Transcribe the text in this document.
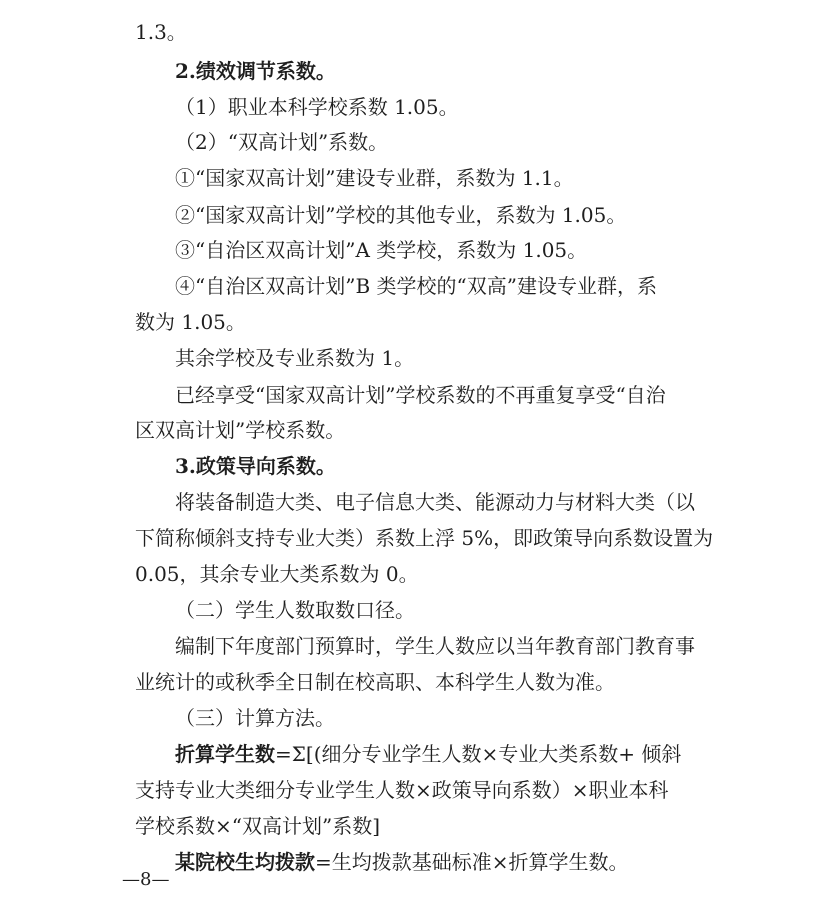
1.3。
2.绩效调节系数。
（1）职业本科学校系数 1.05。
（2）“双高计划”系数。
①“国家双高计划”建设专业群，系数为 1.1。
②“国家双高计划”学校的其他专业，系数为 1.05。
③“自治区双高计划”A 类学校，系数为 1.05。
④“自治区双高计划”B 类学校的“双高”建设专业群，系
数为 1.05。
其余学校及专业系数为 1。
已经享受“国家双高计划”学校系数的不再重复享受“自治
区双高计划”学校系数。
3.政策导向系数。
将装备制造大类、电子信息大类、能源动力与材料大类（以
下简称倾斜支持专业大类）系数上浮 5%，即政策导向系数设置为
0.05，其余专业大类系数为 0。
（二）学生人数取数口径。
编制下年度部门预算时，学生人数应以当年教育部门教育事
业统计的或秋季全日制在校高职、本科学生人数为准。
（三）计算方法。
折算学生数=Σ[(细分专业学生人数×专业大类系数+ 倾斜
支持专业大类细分专业学生人数×政策导向系数）×职业本科
学校系数×“双高计划”系数]
某院校生均拨款=生均拨款基础标准×折算学生数。
—8—
